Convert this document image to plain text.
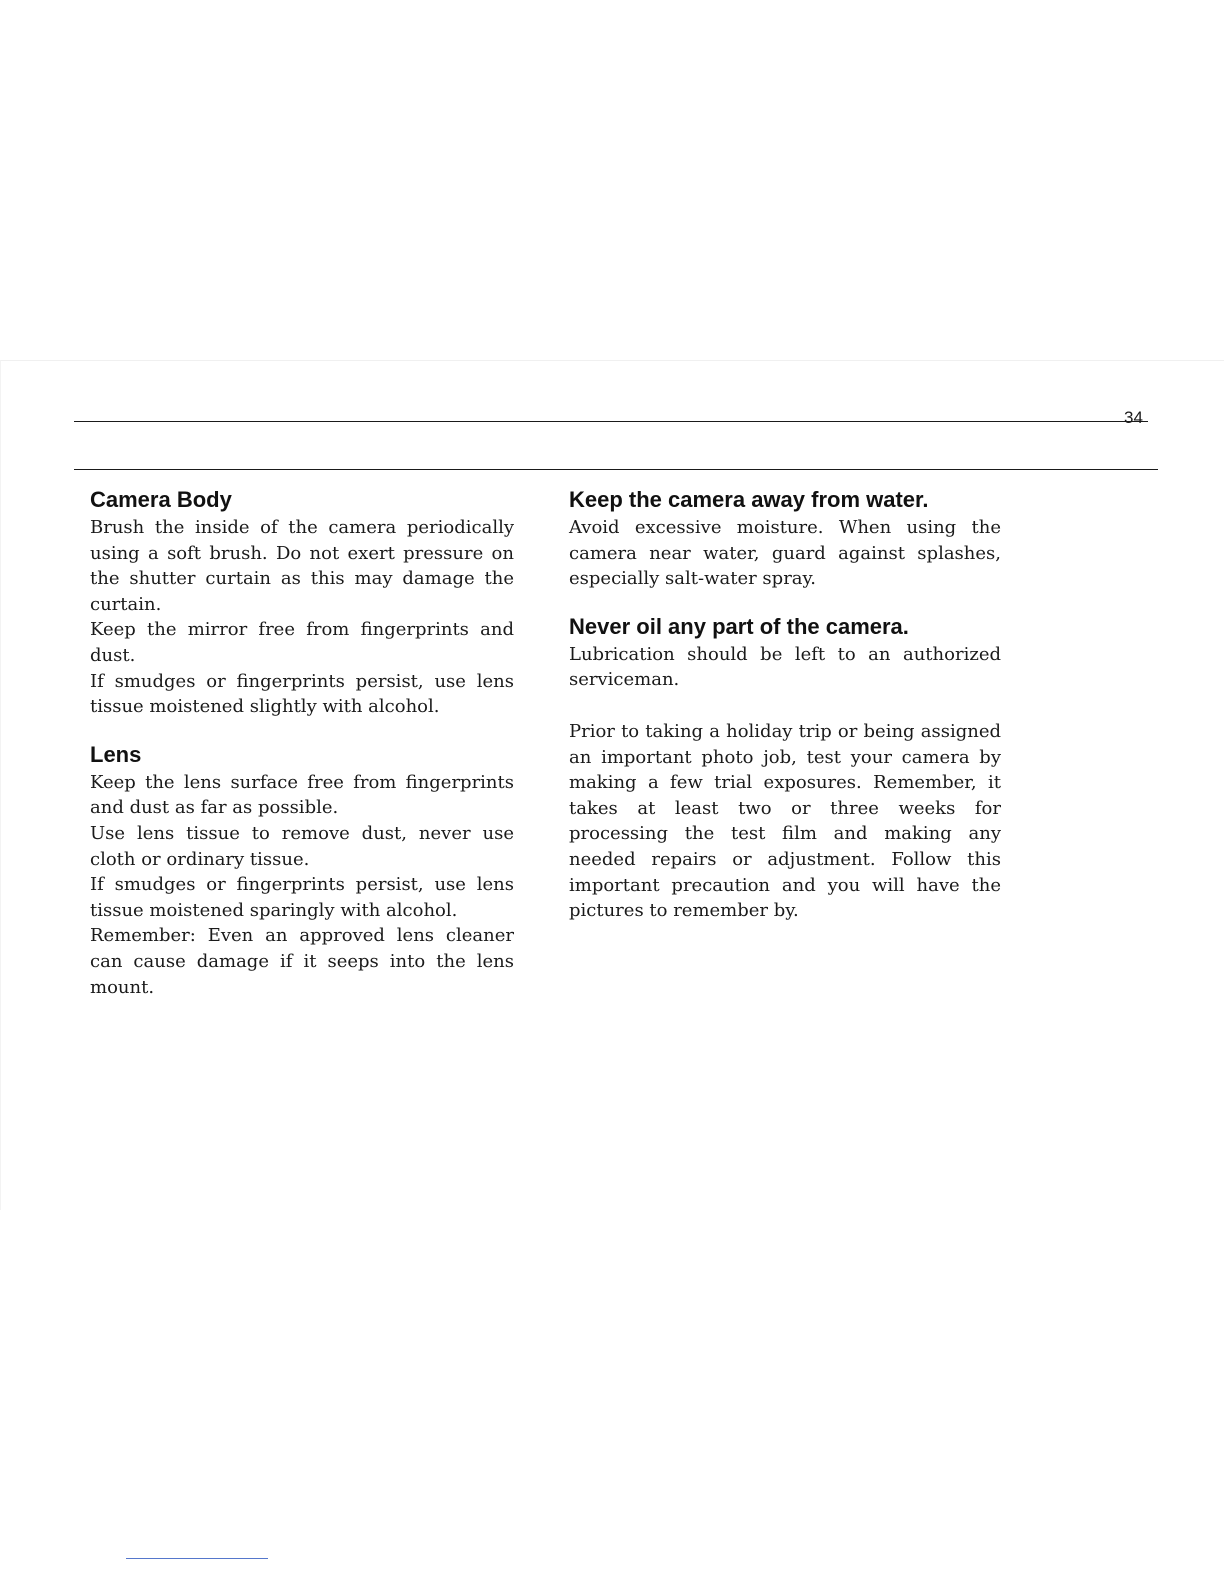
34
Camera Body

Brush the inside of the camera periodically using a soft brush. Do not exert pressure on the shutter curtain as this may damage the curtain.

Keep the mirror free from fingerprints and dust.

If smudges or fingerprints persist, use lens tissue moistened slightly with alcohol.

Lens

Keep the lens surface free from fingerprints and dust as far as possible.

Use lens tissue to remove dust, never use cloth or ordinary tissue.

If smudges or fingerprints persist, use lens tissue moistened sparingly with alcohol.

Remember: Even an approved lens cleaner can cause damage if it seeps into the lens mount.

Keep the camera away from water.

Avoid excessive moisture. When using the camera near water, guard against splashes, especially salt-water spray.

Never oil any part of the camera.

Lubrication should be left to an authorized serviceman.

Prior to taking a holiday trip or being assigned an important photo job, test your camera by making a few trial exposures. Remember, it takes at least two or three weeks for processing the test film and making any needed repairs or adjustment. Follow this important precaution and you will have the pictures to remember by.
